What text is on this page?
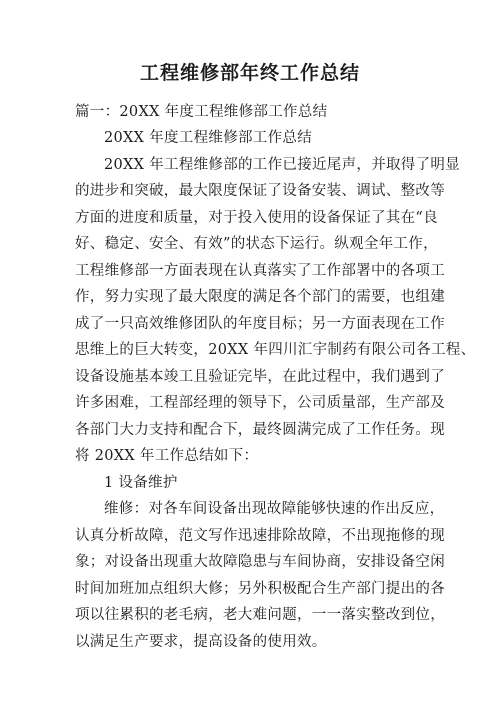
工程维修部年终工作总结
篇一：20XX 年度工程维修部工作总结
20XX 年度工程维修部工作总结
20XX 年工程维修部的工作已接近尾声，并取得了明显
的进步和突破，最大限度保证了设备安装、调试、整改等
方面的进度和质量，对于投入使用的设备保证了其在“良
好、稳定、安全、有效”的状态下运行。纵观全年工作，
工程维修部一方面表现在认真落实了工作部署中的各项工
作，努力实现了最大限度的满足各个部门的需要，也组建
成了一只高效维修团队的年度目标；另一方面表现在工作
思维上的巨大转变，20XX 年四川汇宇制药有限公司各工程、
设备设施基本竣工且验证完毕，在此过程中，我们遇到了
许多困难，工程部经理的领导下，公司质量部，生产部及
各部门大力支持和配合下，最终圆满完成了工作任务。现
将 20XX 年工作总结如下：
1 设备维护
维修：对各车间设备出现故障能够快速的作出反应，
认真分析故障，范文写作迅速排除故障，不出现拖修的现
象；对设备出现重大故障隐患与车间协商，安排设备空闲
时间加班加点组织大修；另外积极配合生产部门提出的各
项以往累积的老毛病，老大难问题，一一落实整改到位，
以满足生产要求，提高设备的使用效。
